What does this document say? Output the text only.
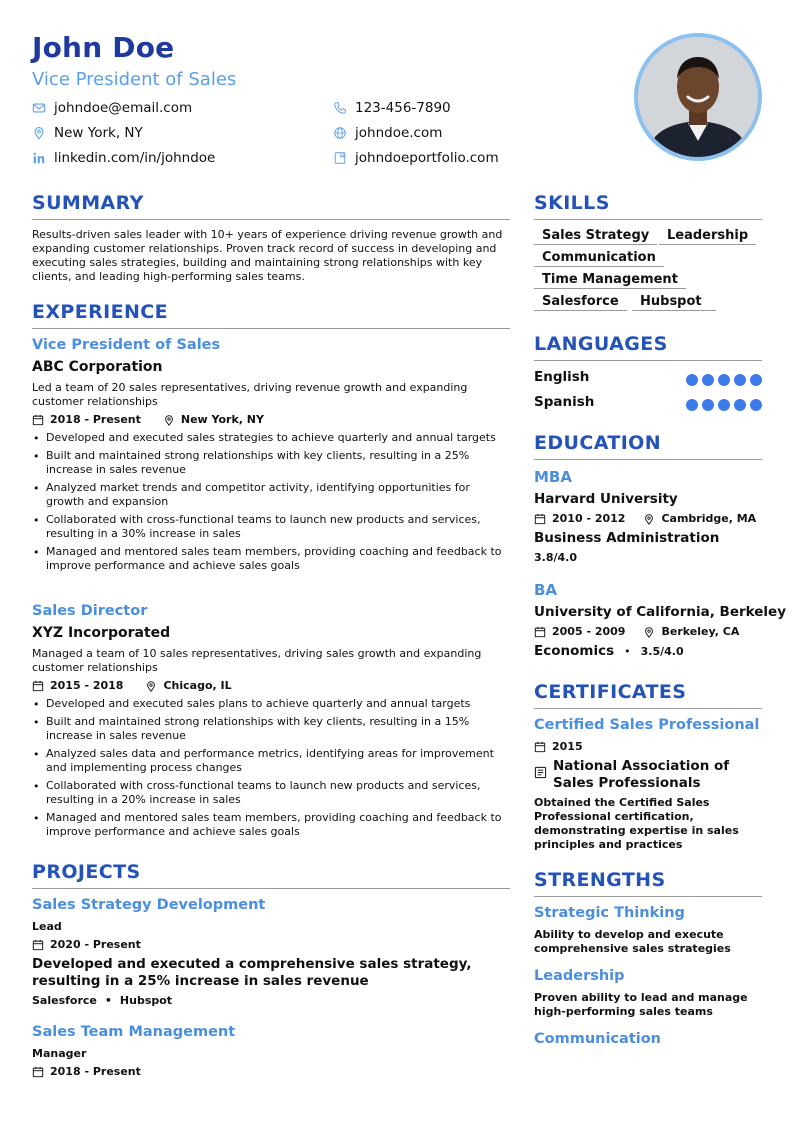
John Doe
Vice President of Sales
johndoe@email.com	123-456-7890
New York, NY	johndoe.com
linkedin.com/in/johndoe	johndoeportfolio.com
SUMMARY
Results-driven sales leader with 10+ years of experience driving revenue growth and expanding customer relationships. Proven track record of success in developing and executing sales strategies, building and maintaining strong relationships with key clients, and leading high-performing sales teams.
EXPERIENCE
Vice President of Sales
ABC Corporation
Led a team of 20 sales representatives, driving revenue growth and expanding customer relationships
2018 - Present	New York, NY
• Developed and executed sales strategies to achieve quarterly and annual targets
• Built and maintained strong relationships with key clients, resulting in a 25% increase in sales revenue
• Analyzed market trends and competitor activity, identifying opportunities for growth and expansion
• Collaborated with cross-functional teams to launch new products and services, resulting in a 30% increase in sales
• Managed and mentored sales team members, providing coaching and feedback to improve performance and achieve sales goals
Sales Director
XYZ Incorporated
Managed a team of 10 sales representatives, driving sales growth and expanding customer relationships
2015 - 2018	Chicago, IL
• Developed and executed sales plans to achieve quarterly and annual targets
• Built and maintained strong relationships with key clients, resulting in a 15% increase in sales revenue
• Analyzed sales data and performance metrics, identifying areas for improvement and implementing process changes
• Collaborated with cross-functional teams to launch new products and services, resulting in a 20% increase in sales
• Managed and mentored sales team members, providing coaching and feedback to improve performance and achieve sales goals
PROJECTS
Sales Strategy Development
Lead
2020 - Present
Developed and executed a comprehensive sales strategy, resulting in a 25% increase in sales revenue
Salesforce • Hubspot
Sales Team Management
Manager
2018 - Present
SKILLS
Sales Strategy	Leadership
Communication
Time Management
Salesforce	Hubspot
LANGUAGES
English
Spanish
EDUCATION
MBA
Harvard University
2010 - 2012	Cambridge, MA
Business Administration
3.8/4.0
BA
University of California, Berkeley
2005 - 2009	Berkeley, CA
Economics • 3.5/4.0
CERTIFICATES
Certified Sales Professional
2015
National Association of Sales Professionals
Obtained the Certified Sales Professional certification, demonstrating expertise in sales principles and practices
STRENGTHS
Strategic Thinking
Ability to develop and execute comprehensive sales strategies
Leadership
Proven ability to lead and manage high-performing sales teams
Communication
